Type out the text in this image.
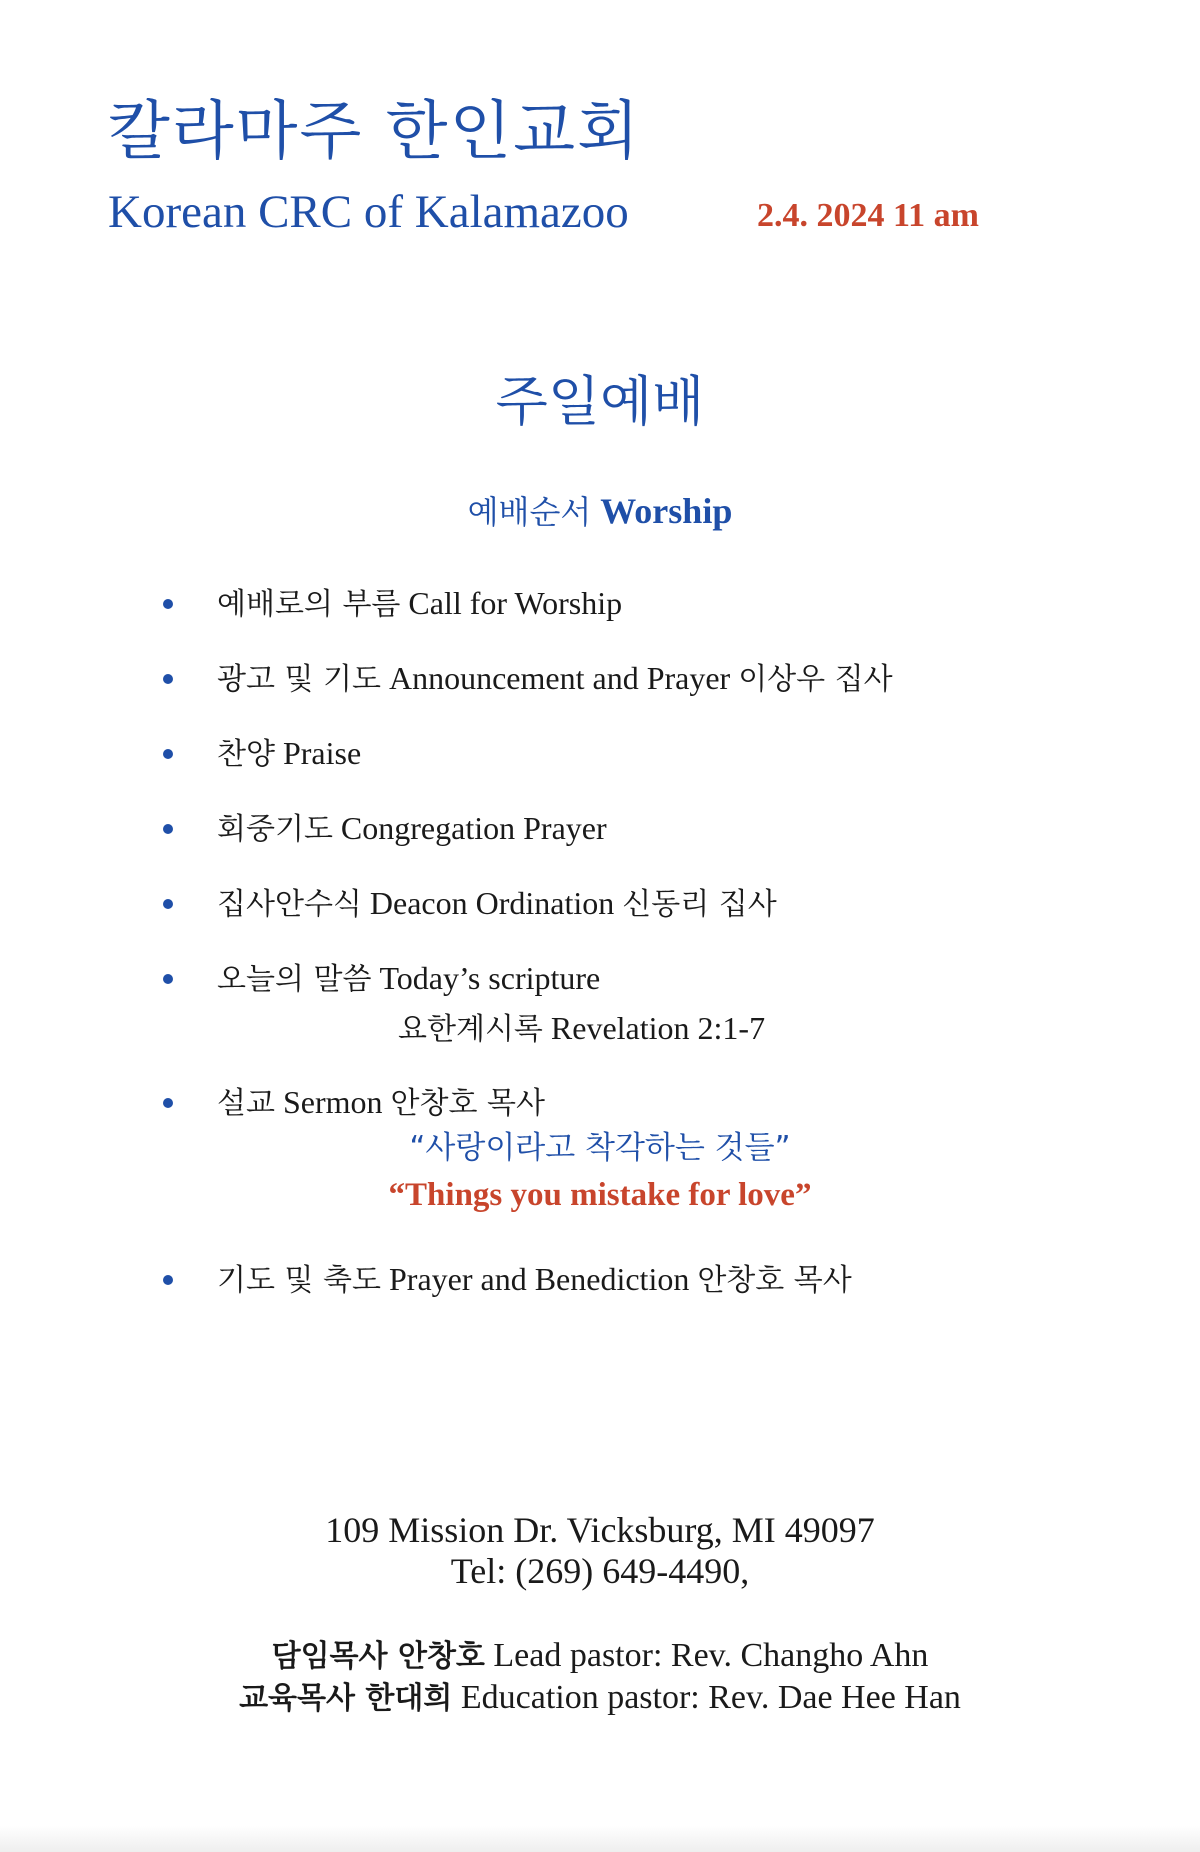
칼라마주 한인교회
Korean CRC of Kalamazoo	2.4. 2024 11 am
주일예배
예배순서 Worship
예배로의 부름 Call for Worship
광고 및 기도 Announcement and Prayer 이상우 집사
찬양 Praise
회중기도 Congregation Prayer
집사안수식 Deacon Ordination 신동리 집사
오늘의 말씀 Today’s scripture
요한계시록 Revelation 2:1-7
설교 Sermon 안창호 목사
“사랑이라고 착각하는 것들”
“Things you mistake for love”
기도 및 축도 Prayer and Benediction 안창호 목사
109 Mission Dr. Vicksburg, MI 49097
Tel: (269) 649-4490,
담임목사 안창호 Lead pastor: Rev. Changho Ahn
교육목사 한대희 Education pastor: Rev. Dae Hee Han
